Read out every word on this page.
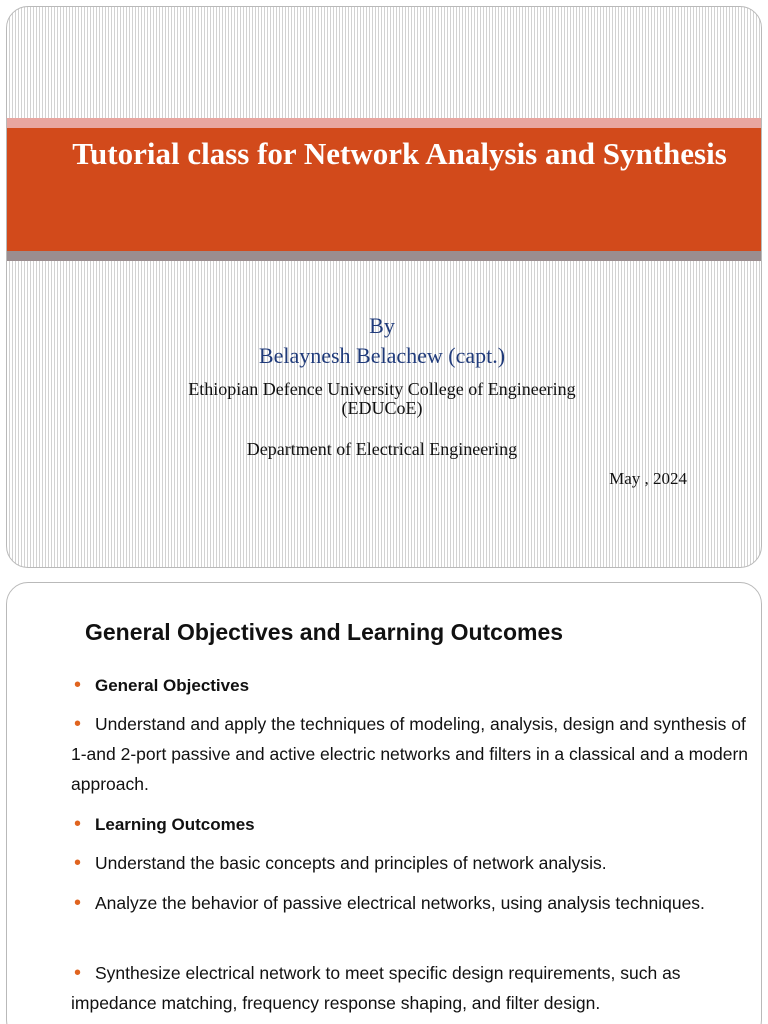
Tutorial class for Network Analysis and Synthesis
By
Belaynesh Belachew (capt.)
Ethiopian Defence University College of Engineering
(EDUCoE)
Department of Electrical Engineering
May , 2024
General Objectives and Learning Outcomes
• General Objectives
• Understand and apply the techniques of modeling, analysis, design and synthesis of 1-and 2-port passive and active electric networks and filters in a classical and a modern approach.
• Learning Outcomes
• Understand the basic concepts and principles of network analysis.
• Analyze the behavior of passive electrical networks, using analysis techniques.
• Synthesize electrical network to meet specific design requirements, such as impedance matching, frequency response shaping, and filter design.
